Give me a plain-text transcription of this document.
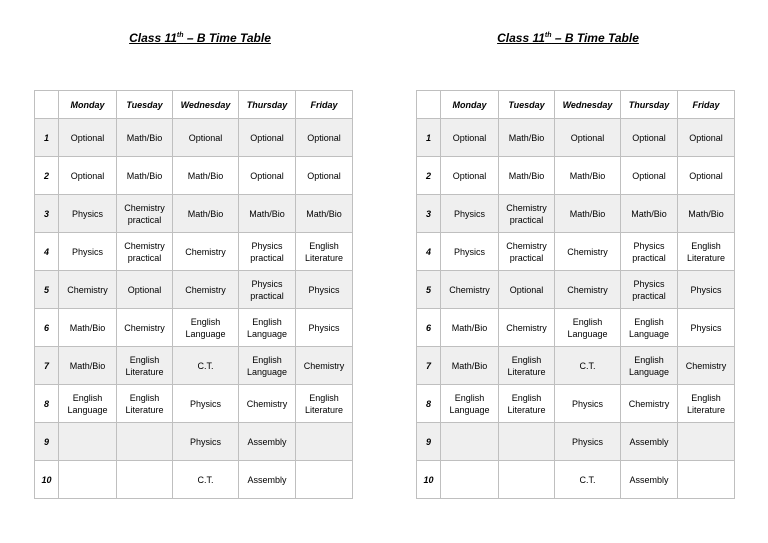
Class 11th – B Time Table	Class 11th – B Time Table
	Monday	Tuesday	Wednesday	Thursday	Friday
1	Optional	Math/Bio	Optional	Optional	Optional
2	Optional	Math/Bio	Math/Bio	Optional	Optional
3	Physics	Chemistry practical	Math/Bio	Math/Bio	Math/Bio
4	Physics	Chemistry practical	Chemistry	Physics practical	English Literature
5	Chemistry	Optional	Chemistry	Physics practical	Physics
6	Math/Bio	Chemistry	English Language	English Language	Physics
7	Math/Bio	English Literature	C.T.	English Language	Chemistry
8	English Language	English Literature	Physics	Chemistry	English Literature
9			Physics	Assembly	
10			C.T.	Assembly	
	Monday	Tuesday	Wednesday	Thursday	Friday
1	Optional	Math/Bio	Optional	Optional	Optional
2	Optional	Math/Bio	Math/Bio	Optional	Optional
3	Physics	Chemistry practical	Math/Bio	Math/Bio	Math/Bio
4	Physics	Chemistry practical	Chemistry	Physics practical	English Literature
5	Chemistry	Optional	Chemistry	Physics practical	Physics
6	Math/Bio	Chemistry	English Language	English Language	Physics
7	Math/Bio	English Literature	C.T.	English Language	Chemistry
8	English Language	English Literature	Physics	Chemistry	English Literature
9			Physics	Assembly	
10			C.T.	Assembly	
